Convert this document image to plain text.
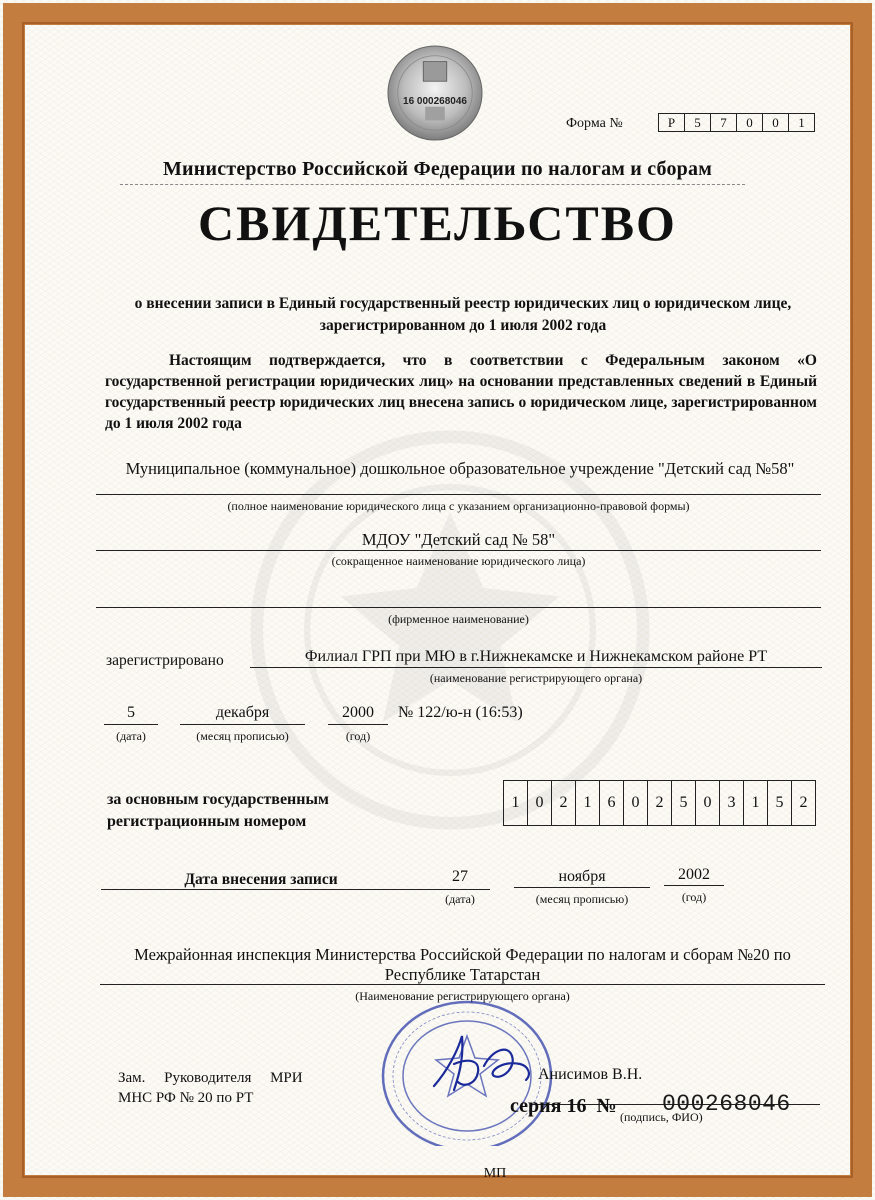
16 000268046
Форма №	Р	5	7	0	0	1
Министерство Российской Федерации по налогам и сборам
СВИДЕТЕЛЬСТВО
о внесении записи в Единый государственный реестр юридических лиц о юридическом лице, зарегистрированном до 1 июля 2002 года
Настоящим подтверждается, что в соответствии с Федеральным законом «О государственной регистрации юридических лиц» на основании представленных сведений в Единый государственный реестр юридических лиц внесена запись о юридическом лице, зарегистрированном до 1 июля 2002 года
Муниципальное (коммунальное) дошкольное образовательное учреждение "Детский сад №58"
(полное наименование юридического лица с указанием организационно-правовой формы)
МДОУ "Детский сад № 58"
(сокращенное наименование юридического лица)
(фирменное наименование)
зарегистрировано	Филиал ГРП при МЮ в г.Нижнекамске и Нижнекамском районе РТ
(наименование регистрирующего органа)
5
(дата)
декабря
(месяц прописью)
2000
(год)
№ 122/ю-н (16:53)
за основным государственным регистрационным номером
1	0	2	1	6	0	2	5	0	3	1	5	2
Дата внесения записи	27
(дата)
ноября
(месяц прописью)
2002
(год)
Межрайонная инспекция Министерства Российской Федерации по налогам и сборам №20 по Республике Татарстан
(Наименование регистрирующего органа)
Зам.     Руководителя     МРИ
МНС РФ № 20 по РТ
Анисимов В.Н.
(подпись, ФИО)
серия 16  № 000268046
МП
